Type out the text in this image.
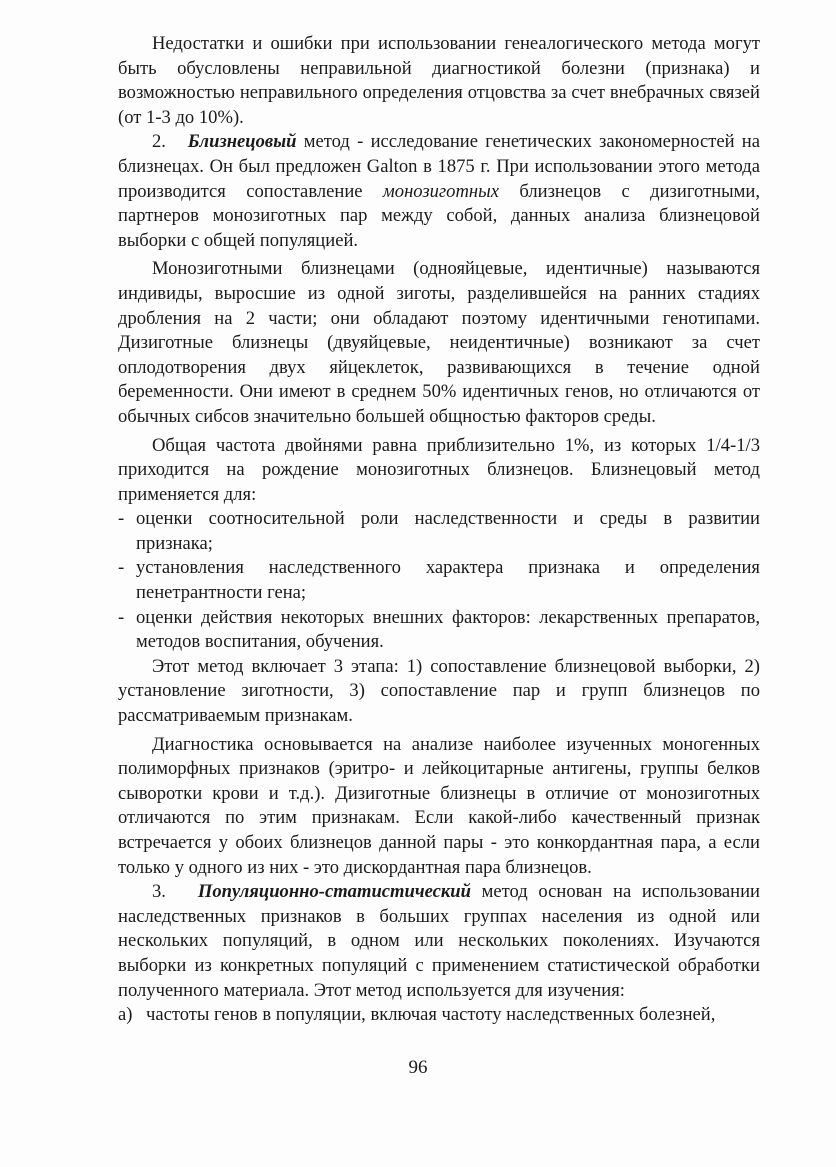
Недостатки и ошибки при использовании генеалогического метода могут быть обусловлены неправильной диагностикой болезни (признака) и возможностью неправильного определения отцовства за счет внебрачных связей (от 1-3 до 10%).

2. Близнецовый метод - исследование генетических закономерностей на близнецах. Он был предложен Galton в 1875 г. При использовании этого метода производится сопоставление монозиготных близнецов с дизиготными, партнеров монозиготных пар между собой, данных анализа близнецовой выборки с общей популяцией.

Монозиготными близнецами (однояйцевые, идентичные) называются индивиды, выросшие из одной зиготы, разделившейся на ранних стадиях дробления на 2 части; они обладают поэтому идентичными генотипами. Дизиготные близнецы (двуяйцевые, неидентичные) возникают за счет оплодотворения двух яйцеклеток, развивающихся в течение одной беременности. Они имеют в среднем 50% идентичных генов, но отличаются от обычных сибсов значительно большей общностью факторов среды.

Общая частота двойнями равна приблизительно 1%, из которых 1/4-1/3 приходится на рождение монозиготных близнецов. Близнецовый метод применяется для:

- оценки соотносительной роли наследственности и среды в развитии признака;

- установления наследственного характера признака и определения пенетрантности гена;

- оценки действия некоторых внешних факторов: лекарственных препаратов, методов воспитания, обучения.

Этот метод включает 3 этапа: 1) сопоставление близнецовой выборки, 2) установление зиготности, 3) сопоставление пар и групп близнецов по рассматриваемым признакам.

Диагностика основывается на анализе наиболее изученных моногенных полиморфных признаков (эритро- и лейкоцитарные антигены, группы белков сыворотки крови и т.д.). Дизиготные близнецы в отличие от монозиготных отличаются по этим признакам. Если какой-либо качественный признак встречается у обоих близнецов данной пары - это конкордантная пара, а если только у одного из них - это дискордантная пара близнецов.

3. Популяционно-статистический метод основан на использовании наследственных признаков в больших группах населения из одной или нескольких популяций, в одном или нескольких поколениях. Изучаются выборки из конкретных популяций с применением статистической обработки полученного материала. Этот метод используется для изучения:

а) частоты генов в популяции, включая частоту наследственных болезней,

96
